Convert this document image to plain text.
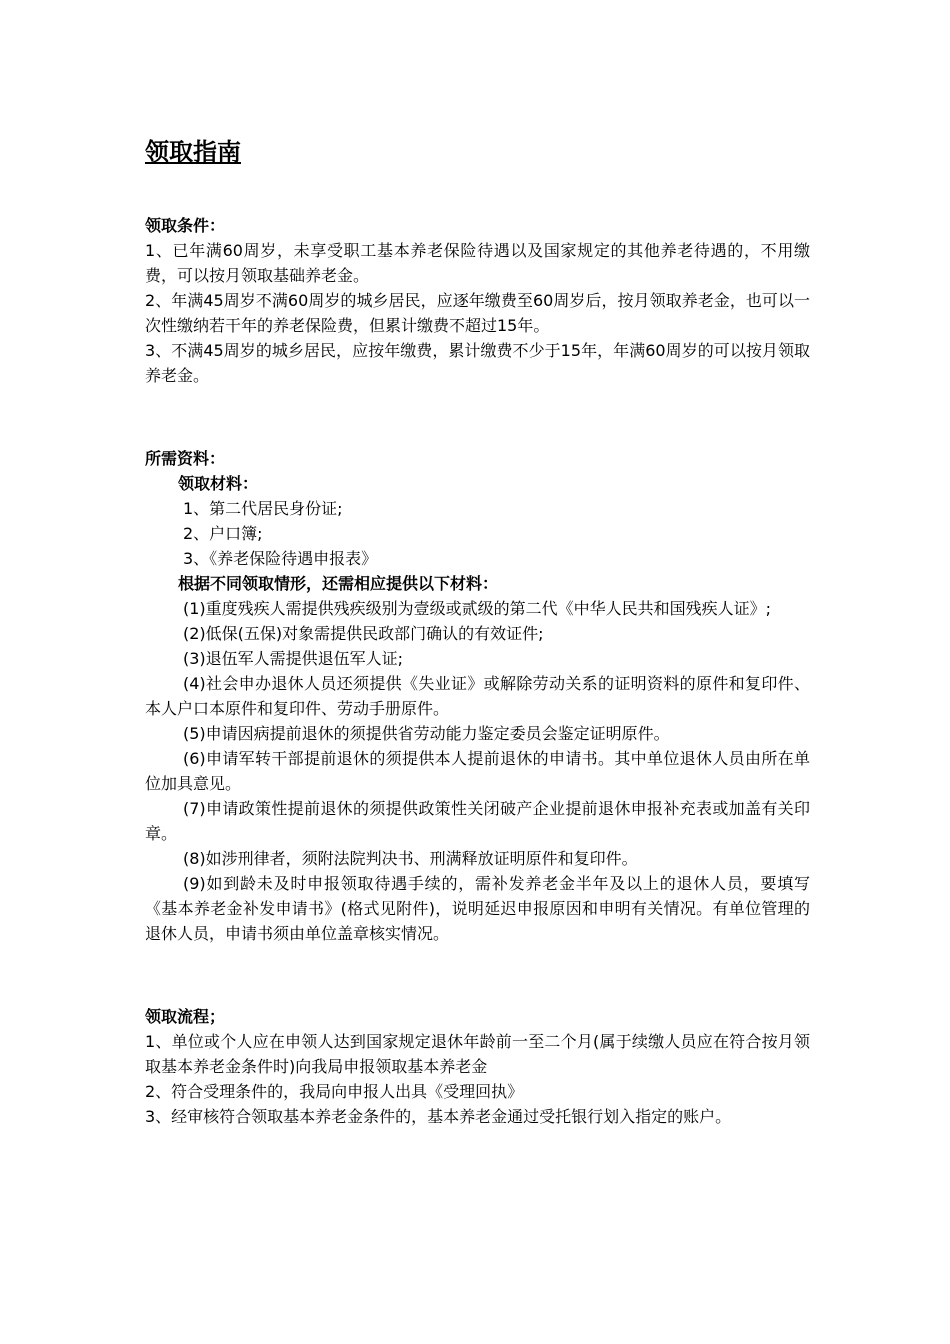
领取指南
领取条件：

1、已年满60周岁，未享受职工基本养老保险待遇以及国家规定的其他养老待遇的，不用缴费，可以按月领取基础养老金。

2、年满45周岁不满60周岁的城乡居民，应逐年缴费至60周岁后，按月领取养老金，也可以一次性缴纳若干年的养老保险费，但累计缴费不超过15年。

3、不满45周岁的城乡居民，应按年缴费，累计缴费不少于15年，年满60周岁的可以按月领取养老金。

所需资料：

领取材料：

1、第二代居民身份证;

2、户口簿;

3、《养老保险待遇申报表》

根据不同领取情形，还需相应提供以下材料：

(1)重度残疾人需提供残疾级别为壹级或贰级的第二代《中华人民共和国残疾人证》;

(2)低保(五保)对象需提供民政部门确认的有效证件;

(3)退伍军人需提供退伍军人证;

(4)社会申办退休人员还须提供《失业证》或解除劳动关系的证明资料的原件和复印件、本人户口本原件和复印件、劳动手册原件。

(5)申请因病提前退休的须提供省劳动能力鉴定委员会鉴定证明原件。

(6)申请军转干部提前退休的须提供本人提前退休的申请书。其中单位退休人员由所在单位加具意见。

(7)申请政策性提前退休的须提供政策性关闭破产企业提前退休申报补充表或加盖有关印章。

(8)如涉刑律者，须附法院判决书、刑满释放证明原件和复印件。

(9)如到龄未及时申报领取待遇手续的，需补发养老金半年及以上的退休人员，要填写《基本养老金补发申请书》(格式见附件)，说明延迟申报原因和申明有关情况。有单位管理的退休人员，申请书须由单位盖章核实情况。

领取流程；

1、单位或个人应在申领人达到国家规定退休年龄前一至二个月(属于续缴人员应在符合按月领取基本养老金条件时)向我局申报领取基本养老金

2、符合受理条件的，我局向申报人出具《受理回执》

3、经审核符合领取基本养老金条件的，基本养老金通过受托银行划入指定的账户。
